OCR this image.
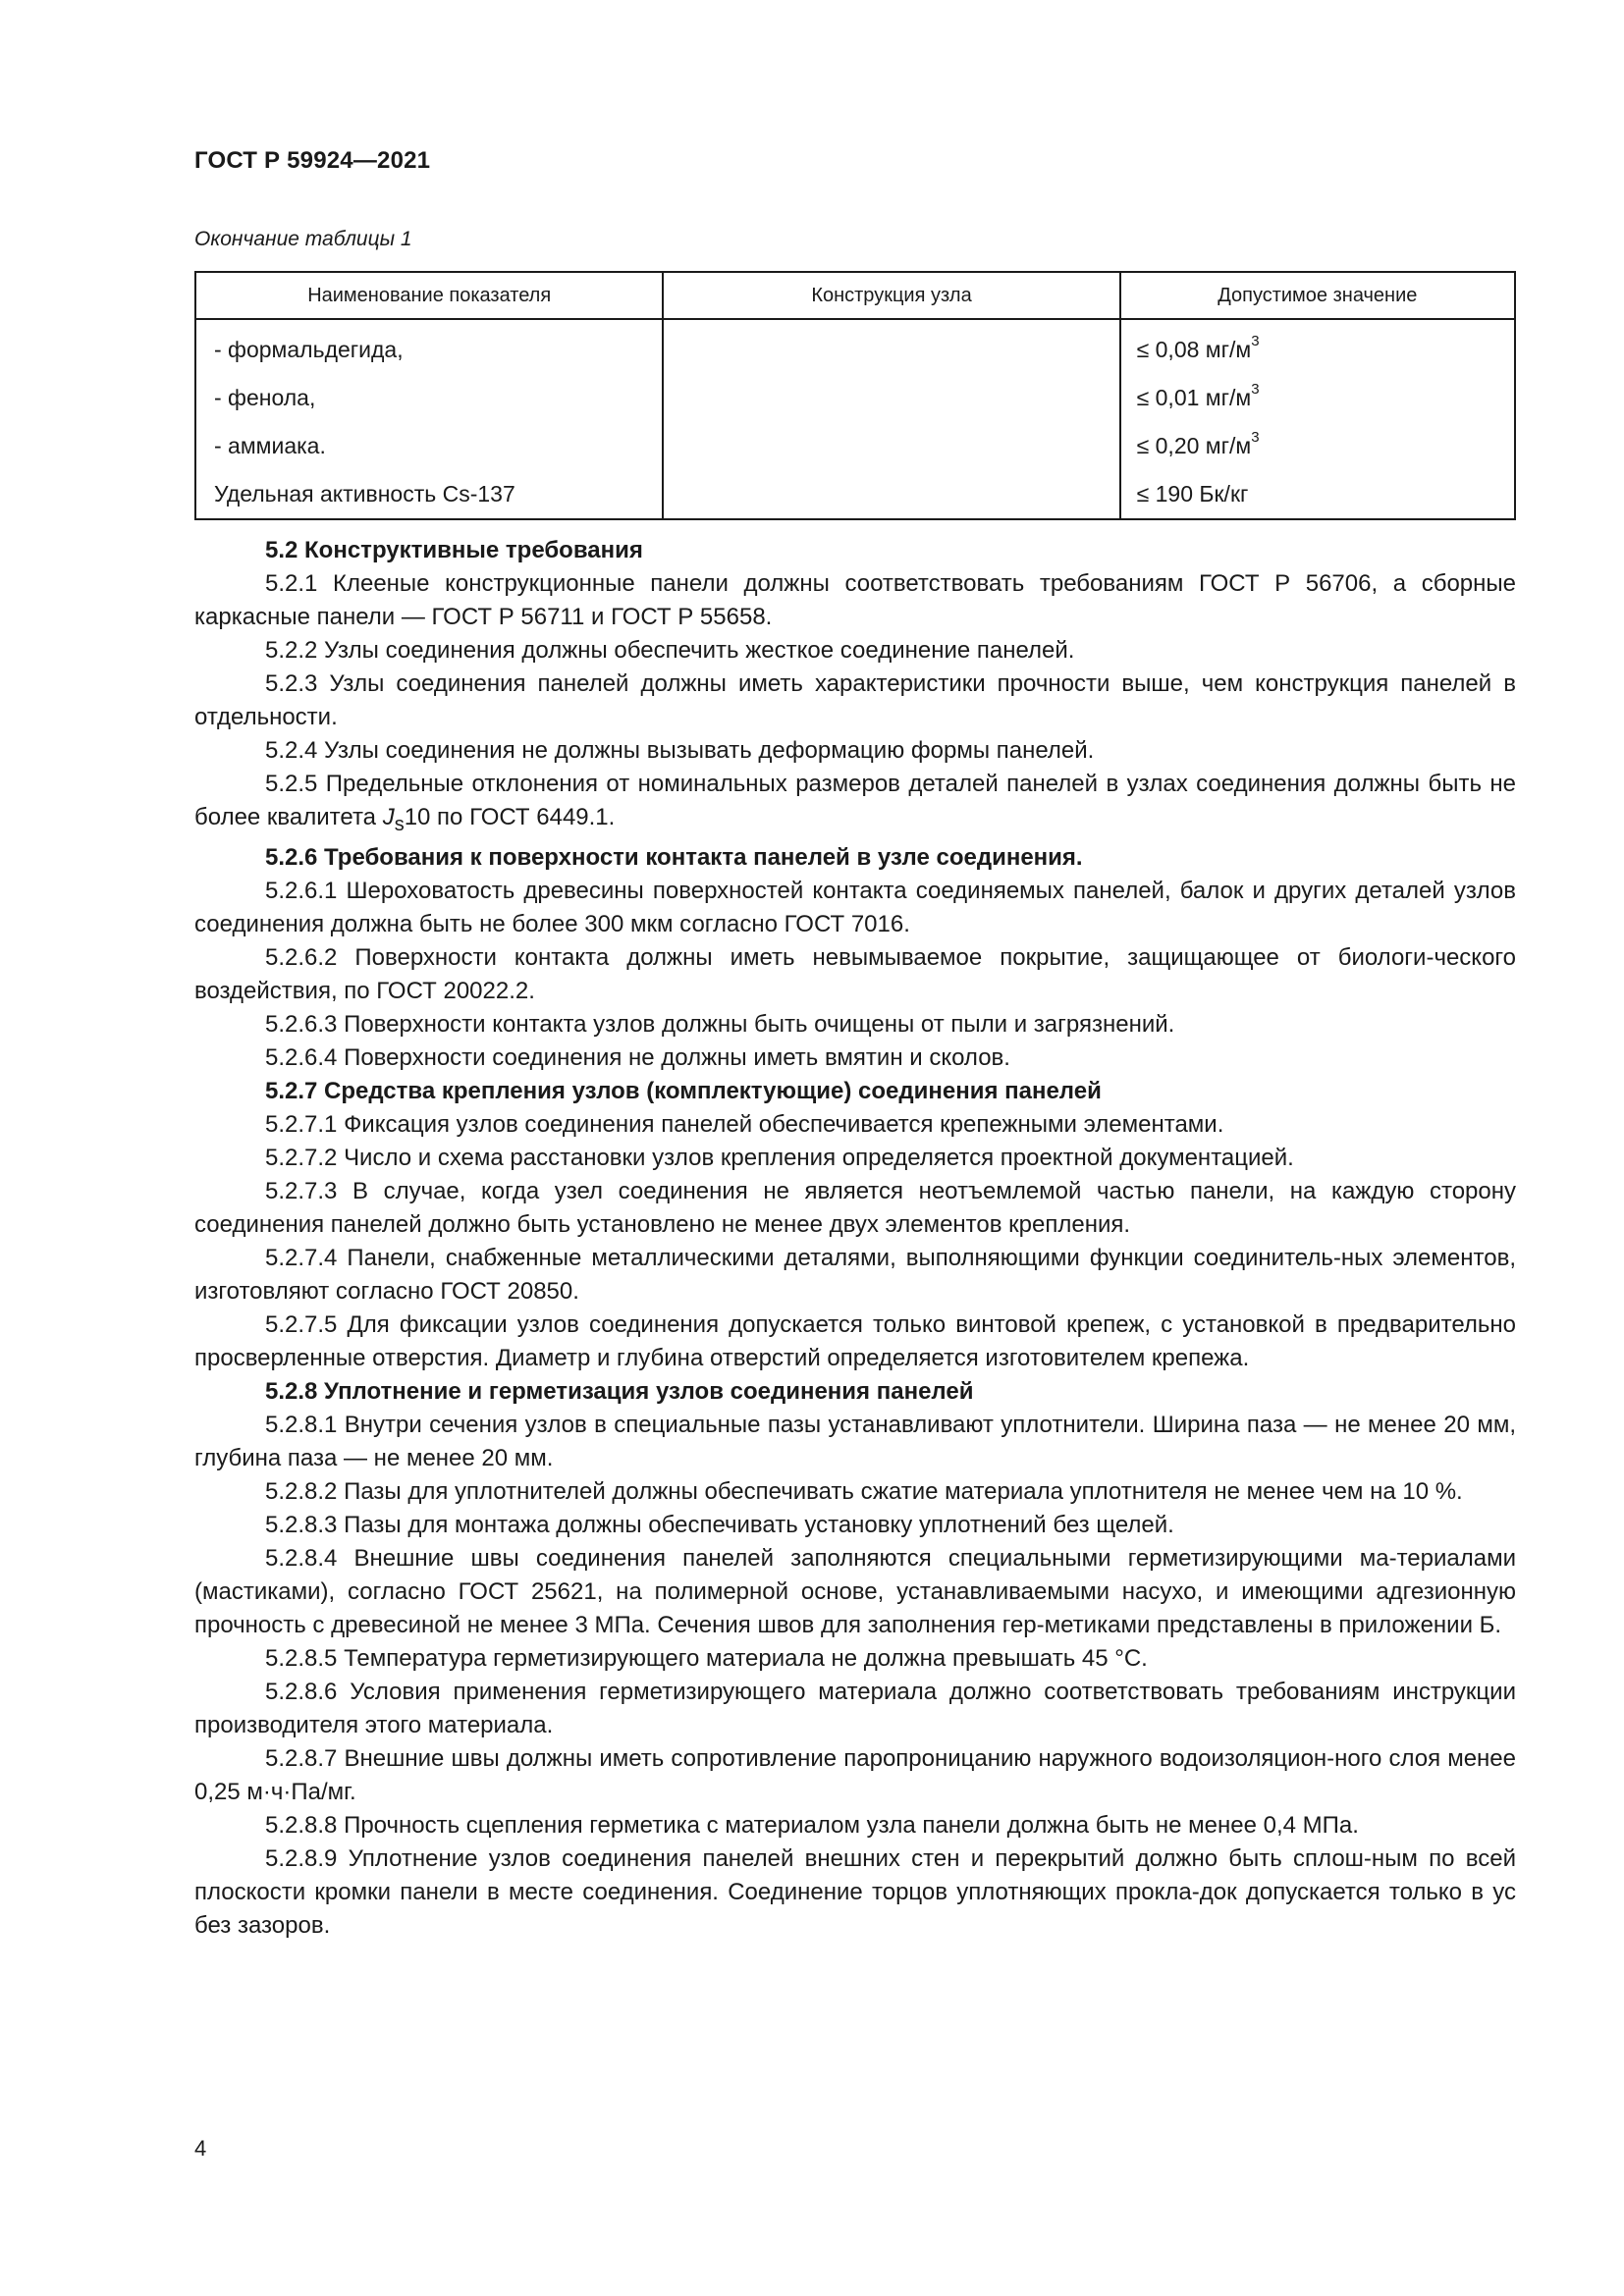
ГОСТ Р 59924—2021
Окончание таблицы 1
Наименование показателя	Конструкция узла	Допустимое значение
- формальдегида,		≤ 0,08 $мг/м^3$
- фенола,		≤ 0,01 $мг/м^3$
- аммиака.		≤ 0,20 $мг/м^3$
Удельная активность Cs-137		≤ 190 Бк/кг

5.2 Конструктивные требования

5.2.1 Клееные конструкционные панели должны соответствовать требованиям ГОСТ Р 56706, а сборные каркасные панели — ГОСТ Р 56711 и ГОСТ Р 55658.

5.2.2 Узлы соединения должны обеспечить жесткое соединение панелей.

5.2.3 Узлы соединения панелей должны иметь характеристики прочности выше, чем конструкция панелей в отдельности.

5.2.4 Узлы соединения не должны вызывать деформацию формы панелей.

5.2.5 Предельные отклонения от номинальных размеров деталей панелей в узлах соединения должны быть не более квалитета $J_s10$ по ГОСТ 6449.1.

5.2.6 Требования к поверхности контакта панелей в узле соединения.

5.2.6.1 Шероховатость древесины поверхностей контакта соединяемых панелей, балок и других деталей узлов соединения должна быть не более 300 мкм согласно ГОСТ 7016.

5.2.6.2 Поверхности контакта должны иметь невымываемое покрытие, защищающее от биологи-ческого воздействия, по ГОСТ 20022.2.

5.2.6.3 Поверхности контакта узлов должны быть очищены от пыли и загрязнений.

5.2.6.4 Поверхности соединения не должны иметь вмятин и сколов.

5.2.7 Средства крепления узлов (комплектующие) соединения панелей

5.2.7.1 Фиксация узлов соединения панелей обеспечивается крепежными элементами.

5.2.7.2 Число и схема расстановки узлов крепления определяется проектной документацией.

5.2.7.3 В случае, когда узел соединения не является неотъемлемой частью панели, на каждую сторону соединения панелей должно быть установлено не менее двух элементов крепления.

5.2.7.4 Панели, снабженные металлическими деталями, выполняющими функции соединитель-ных элементов, изготовляют согласно ГОСТ 20850.

5.2.7.5 Для фиксации узлов соединения допускается только винтовой крепеж, с установкой в предварительно просверленные отверстия. Диаметр и глубина отверстий определяется изготовителем крепежа.

5.2.8 Уплотнение и герметизация узлов соединения панелей

5.2.8.1 Внутри сечения узлов в специальные пазы устанавливают уплотнители. Ширина паза — не менее 20 мм, глубина паза — не менее 20 мм.

5.2.8.2 Пазы для уплотнителей должны обеспечивать сжатие материала уплотнителя не менее чем на 10 %.

5.2.8.3 Пазы для монтажа должны обеспечивать установку уплотнений без щелей.

5.2.8.4 Внешние швы соединения панелей заполняются специальными герметизирующими ма-териалами (мастиками), согласно ГОСТ 25621, на полимерной основе, устанавливаемыми насухо, и имеющими адгезионную прочность с древесиной не менее 3 МПа. Сечения швов для заполнения гер-метиками представлены в приложении Б.

5.2.8.5 Температура герметизирующего материала не должна превышать 45 °С.

5.2.8.6 Условия применения герметизирующего материала должно соответствовать требованиям инструкции производителя этого материала.

5.2.8.7 Внешние швы должны иметь сопротивление паропроницанию наружного водоизоляцион-ного слоя менее 0,25 м·ч·Па/мг.

5.2.8.8 Прочность сцепления герметика с материалом узла панели должна быть не менее 0,4 МПа.

5.2.8.9 Уплотнение узлов соединения панелей внешних стен и перекрытий должно быть сплош-ным по всей плоскости кромки панели в месте соединения. Соединение торцов уплотняющих прокла-док допускается только в ус без зазоров.

4
